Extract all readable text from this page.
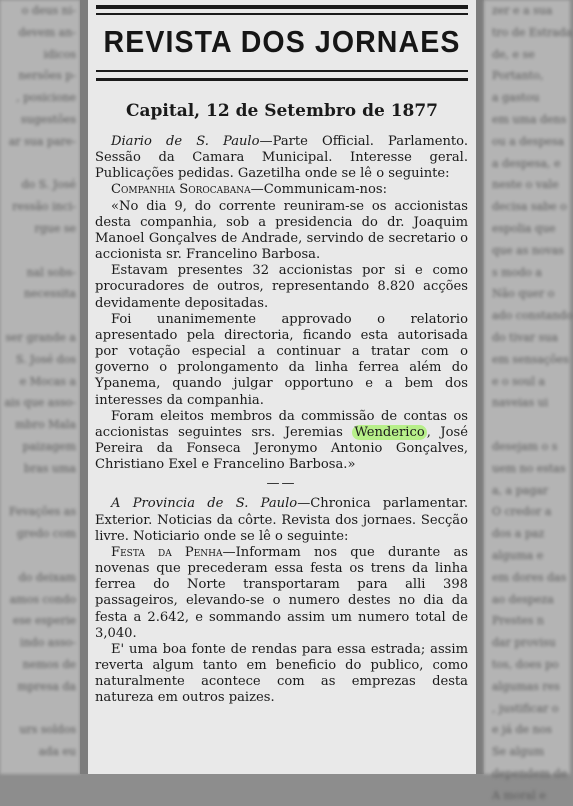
o deus ni-

devem an-

idicos

nersões p-

, posicione

sugestões

ar sua pare-

do S. José

ressão inci-

rgue se

nal sobs-

necessita

ser grande a

S. José dos

e Mocas a

ais que asso-

mbro Mala

paizagem

bras uma

Fevações as

gredo com

do deixam

amos condo

ese esperie

indo asso-

nemos de

mpresa da

urs soldos

ada eu

REVISTA DOS JORNAES
Capital, 12 de Setembro de 1877

Diario de S. Paulo—Parte Official. Parlamento. Sessão da Camara Municipal. Interesse geral. Publicações pedidas. Gazetilha onde se lê o seguinte:

Companhia Sorocabana—Communicam-nos:

«No dia 9, do corrente reuniram-se os accionistas desta companhia, sob a presidencia do dr. Joaquim Manoel Gonçalves de Andrade, servindo de secretario o accionista sr. Francelino Barbosa.

Estavam presentes 32 accionistas por si e como procuradores de outros, representando 8.820 acções devidamente depositadas.

Foi unanimemente approvado o relatorio apresentado pela directoria, ficando esta autorisada por votação especial a continuar a tratar com o governo o prolongamento da linha ferrea além do Ypanema, quando julgar opportuno e a bem dos interesses da companhia.

Foram eleitos membros da commissão de contas os accionistas seguintes srs. Jeremias Wenderico , José Pereira da Fonseca Jeronymo Antonio Gonçalves, Christiano Exel e Francelino Barbosa.»

——

A Provincia de S. Paulo—Chronica parlamentar. Exterior. Noticias da côrte. Revista dos jornaes. Secção livre. Noticiario onde se lê o seguinte:

Festa da Penha—Informam nos que durante as novenas que precederam essa festa os trens da linha ferrea do Norte transportaram para alli 398 passageiros, elevando-se o numero destes no dia da festa a 2.642, e sommando assim um numero total de 3,040.

E' uma boa fonte de rendas para essa estrada; assim reverta algum tanto em beneficio do publico, como naturalmente acontece com as emprezas desta natureza em outros paizes.

zer e a sua

tro de Estrada

de, e se

Portanto,

a gastou

em uma dens

ou a despesa

a despesa, e

neste o vale

decisa sabe o

espolia que

que as novas

s modo a

Não quer o

ado constando

do tivar sua

em sensações

e o soul a

naveias ui

desejam o s

uem no estas

a, a pagar

O credor a

dos a paz

alguma e

em dores das

ao despeza

Prestes n

dar provisu

tos, does po

algumas res

, justificar o

e já de nos

Se algum

dependem de

A moral e
